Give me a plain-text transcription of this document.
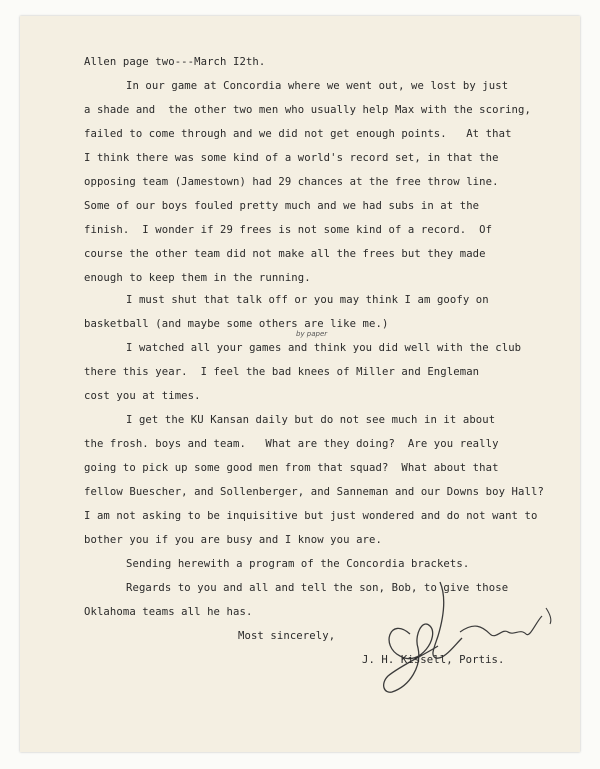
Allen page two---March I2th.
In our game at Concordia where we went out, we lost by just
a shade and  the other two men who usually help Max with the scoring,
failed to come through and we did not get enough points.   At that
I think there was some kind of a world's record set, in that the
opposing team (Jamestown) had 29 chances at the free throw line.
Some of our boys fouled pretty much and we had subs in at the
finish.  I wonder if 29 frees is not some kind of a record.  Of
course the other team did not make all the frees but they made
enough to keep them in the running.
I must shut that talk off or you may think I am goofy on
basketball (and maybe some others are like me.)
by paper
I watched all your games and think you did well with the club
there this year.  I feel the bad knees of Miller and Engleman
cost you at times.
I get the KU Kansan daily but do not see much in it about
the frosh. boys and team.   What are they doing?  Are you really
going to pick up some good men from that squad?  What about that
fellow Buescher, and Sollenberger, and Sanneman and our Downs boy Hall?
I am not asking to be inquisitive but just wondered and do not want to
bother you if you are busy and I know you are.
Sending herewith a program of the Concordia brackets.
Regards to you and all and tell the son, Bob, to give those
Oklahoma teams all he has.
Most sincerely,
J. H. Kissell, Portis.
